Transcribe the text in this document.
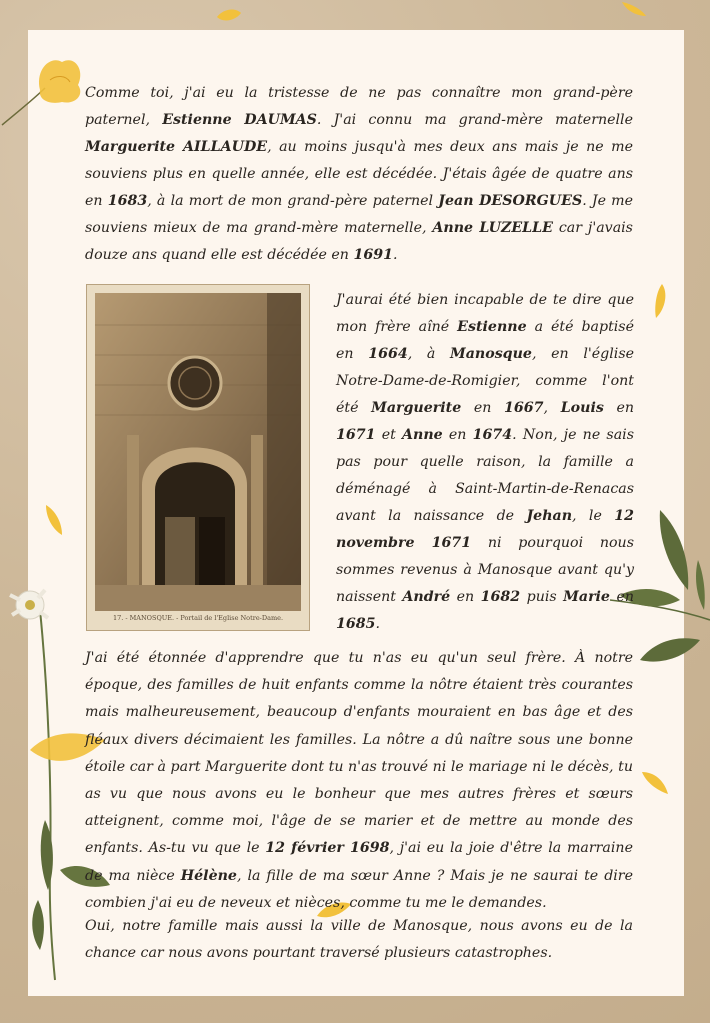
Comme toi, j'ai eu la tristesse de ne pas connaître mon grand-père paternel, Estienne DAUMAS. J'ai connu ma grand-mère maternelle Marguerite AILLAUDE, au moins jusqu'à mes deux ans mais je ne me souviens plus en quelle année, elle est décédée. J'étais âgée de quatre ans en 1683, à la mort de mon grand-père paternel Jean DESORGUES. Je me souviens mieux de ma grand-mère maternelle, Anne LUZELLE car j'avais douze ans quand elle est décédée en 1691.
17. - MANOSQUE. - Portail de l'Eglise Notre-Dame.
J'aurai été bien incapable de te dire que mon frère aîné Estienne a été baptisé en 1664, à Manosque, en l'église Notre-Dame-de-Romigier, comme l'ont été Marguerite en 1667, Louis en 1671 et Anne en 1674. Non, je ne sais pas pour quelle raison, la famille a déménagé à Saint-Martin-de-Renacas avant la naissance de Jehan, le 12 novembre 1671 ni pourquoi nous sommes revenus à Manosque avant qu'y naissent André en 1682 puis Marie en 1685.
J'ai été étonnée d'apprendre que tu n'as eu qu'un seul frère. À notre époque, des familles de huit enfants comme la nôtre étaient très courantes mais malheureusement, beaucoup d'enfants mouraient en bas âge et des fléaux divers décimaient les familles. La nôtre a dû naître sous une bonne étoile car à part Marguerite dont tu n'as trouvé ni le mariage ni le décès, tu as vu que nous avons eu le bonheur que mes autres frères et sœurs atteignent, comme moi, l'âge de se marier et de mettre au monde des enfants. As-tu vu que le 12 février 1698, j'ai eu la joie d'être la marraine de ma nièce Hélène, la fille de ma sœur Anne ? Mais je ne saurai te dire combien j'ai eu de neveux et nièces, comme tu me le demandes.
Oui, notre famille mais aussi la ville de Manosque, nous avons eu de la chance car nous avons pourtant traversé plusieurs catastrophes.
